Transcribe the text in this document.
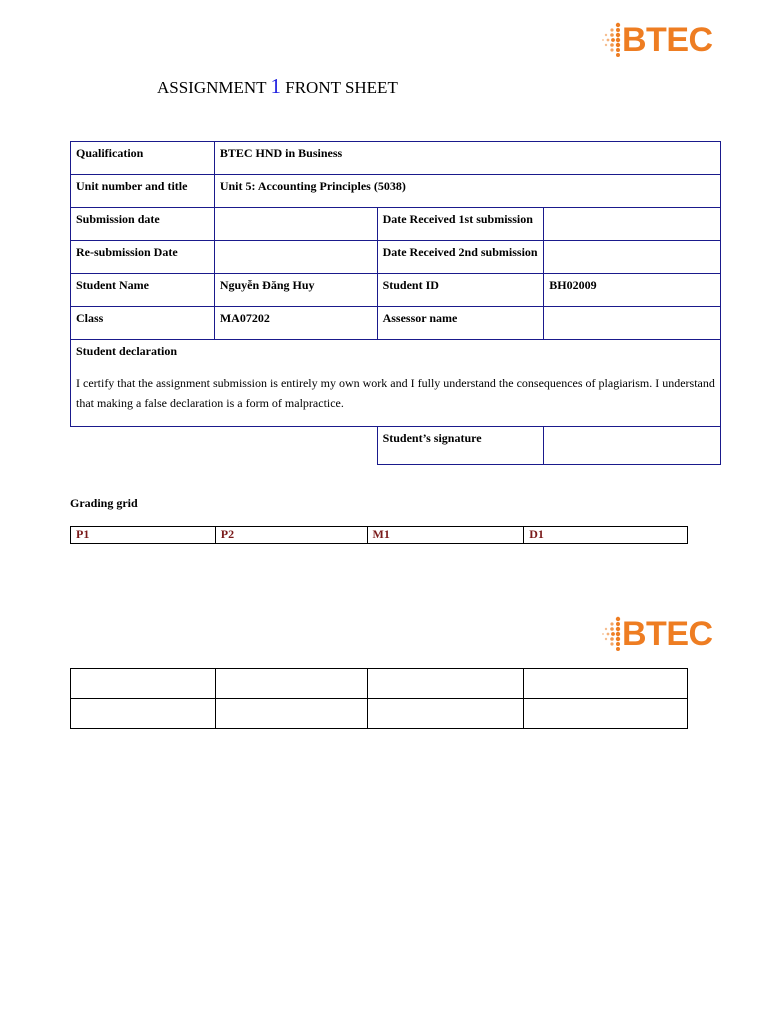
BTEC
ASSIGNMENT 1 FRONT SHEET
Qualification	BTEC HND in Business		
Unit number and title	Unit 5: Accounting Principles (5038)		
Submission date		Date Received 1st submission	
Re-submission Date		Date Received 2nd submission	
Student Name	Nguyễn Đăng Huy	Student ID	BH02009
Class	MA07202	Assessor name	

Student declaration

I certify that the assignment submission is entirely my own work and I fully understand the consequences of plagiarism. I understand that making a false declaration is a form of malpractice.			

		Student’s signature	
Grading grid
P1	P2	M1	D1
BTEC
